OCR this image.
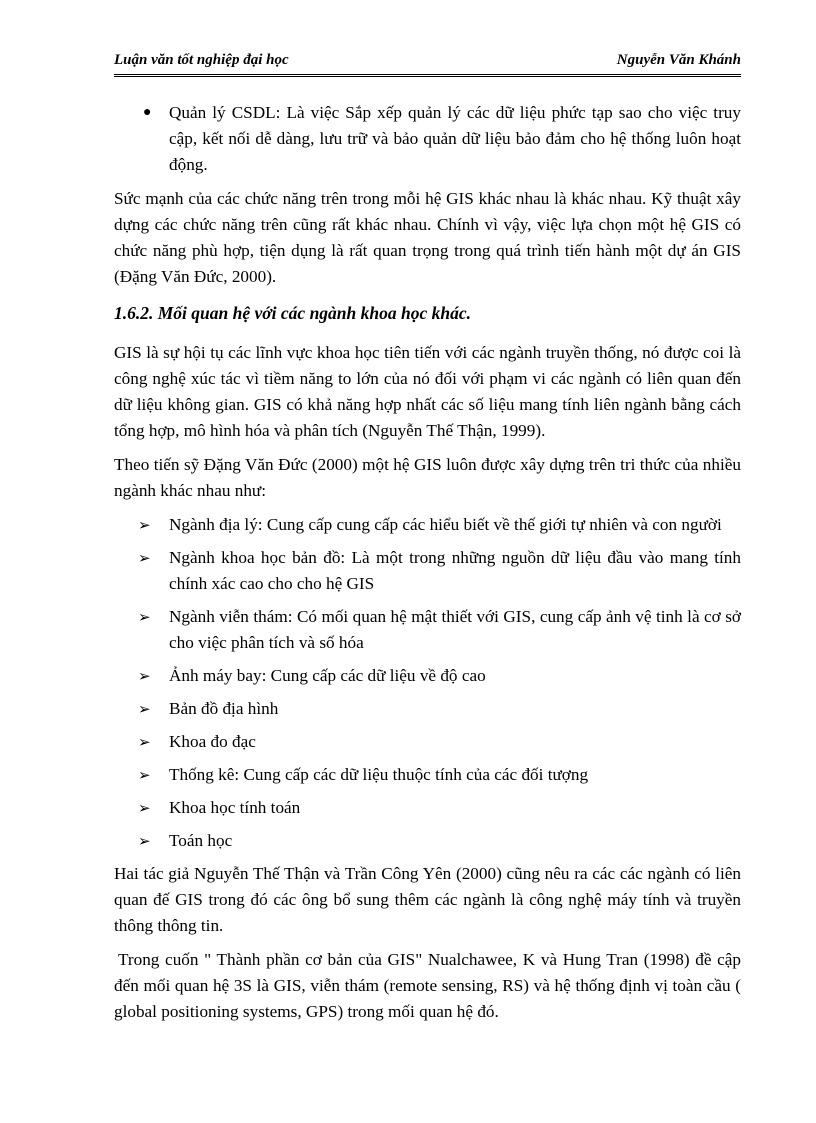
Luận văn tốt nghiệp đại học	Nguyễn Văn Khánh
● Quản lý CSDL: Là việc Sắp xếp quản lý các dữ liệu phức tạp sao cho việc truy cập, kết nối dễ dàng, lưu trữ và bảo quản dữ liệu bảo đảm cho hệ thống luôn hoạt động.

Sức mạnh của các chức năng trên trong mỗi hệ GIS khác nhau là khác nhau. Kỹ thuật xây dựng các chức năng trên cũng rất khác nhau. Chính vì vậy, việc lựa chọn một hệ GIS có chức năng phù hợp, tiện dụng là rất quan trọng trong quá trình tiến hành một dự án GIS (Đặng Văn Đức, 2000).

1.6.2. Mối quan hệ với các ngành khoa học khác.

GIS là sự hội tụ các lĩnh vực khoa học tiên tiến với các ngành truyền thống, nó được coi là công nghệ xúc tác vì tiềm năng to lớn của nó đối với phạm vi các ngành có liên quan đến dữ liệu không gian. GIS có khả năng hợp nhất các số liệu mang tính liên ngành bằng cách tổng hợp, mô hình hóa và phân tích (Nguyễn Thế Thận, 1999).

Theo tiến sỹ Đặng Văn Đức (2000) một hệ GIS luôn được xây dựng trên tri thức của nhiều ngành khác nhau như:

➢ Ngành địa lý: Cung cấp cung cấp các hiểu biết về thế giới tự nhiên và con người
➢ Ngành khoa học bản đồ: Là một trong những nguồn dữ liệu đầu vào mang tính chính xác cao cho cho hệ GIS
➢ Ngành viễn thám: Có mối quan hệ mật thiết với GIS, cung cấp ảnh vệ tinh là cơ sở cho việc phân tích và số hóa
➢ Ảnh máy bay: Cung cấp các dữ liệu về độ cao
➢ Bản đồ địa hình
➢ Khoa đo đạc
➢ Thống kê: Cung cấp các dữ liệu thuộc tính của các đối tượng
➢ Khoa học tính toán
➢ Toán học

Hai tác giả Nguyễn Thế Thận và Trần Công Yên (2000) cũng nêu ra các các ngành có liên quan đế GIS trong đó các ông bổ sung thêm các ngành là công nghệ máy tính và truyền thông thông tin.

Trong cuốn " Thành phần cơ bản của GIS" Nualchawee, K và Hung Tran (1998) đề cập đến mối quan hệ 3S là GIS, viễn thám (remote sensing, RS) và hệ thống định vị toàn cầu ( global positioning systems, GPS) trong mối quan hệ đó.
